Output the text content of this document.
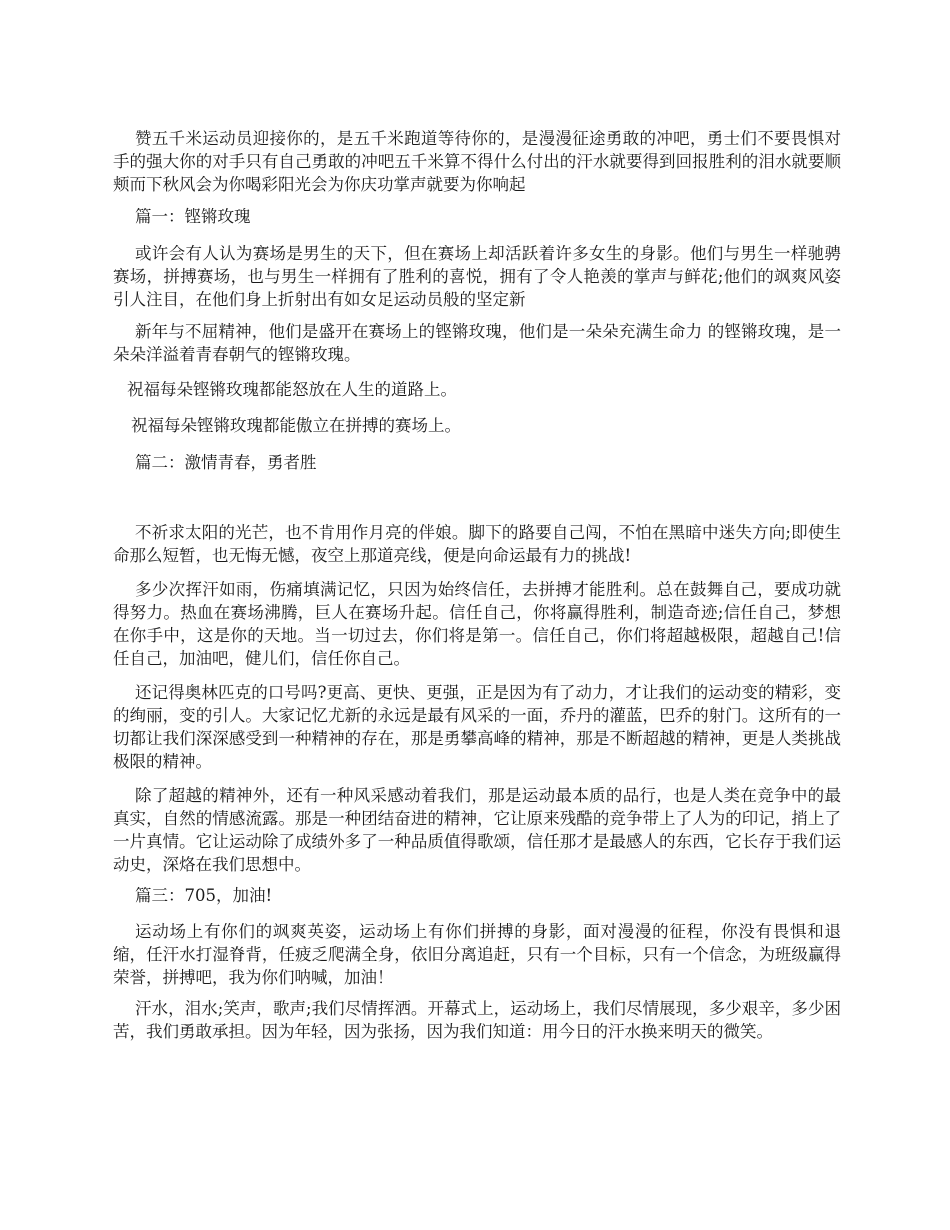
赞五千米运动员迎接你的，是五千米跑道等待你的，是漫漫征途勇敢的冲吧，勇士们不要畏惧对手的强大你的对手只有自己勇敢的冲吧五千米算不得什么付出的汗水就要得到回报胜利的泪水就要顺颊而下秋风会为你喝彩阳光会为你庆功掌声就要为你响起

篇一：铿锵玫瑰

或许会有人认为赛场是男生的天下，但在赛场上却活跃着许多女生的身影。他们与男生一样驰骋赛场，拼搏赛场，也与男生一样拥有了胜利的喜悦，拥有了令人艳羡的掌声与鲜花;他们的飒爽风姿引人注目，在他们身上折射出有如女足运动员般的坚定新

新年与不屈精神，他们是盛开在赛场上的铿锵玫瑰，他们是一朵朵充满生命力 的铿锵玫瑰，是一朵朵洋溢着青春朝气的铿锵玫瑰。

祝福每朵铿锵玫瑰都能怒放在人生的道路上。

祝福每朵铿锵玫瑰都能傲立在拼搏的赛场上。

篇二：激情青春，勇者胜

不祈求太阳的光芒，也不肯用作月亮的伴娘。脚下的路要自己闯，不怕在黑暗中迷失方向;即使生命那么短暂，也无悔无憾，夜空上那道亮线，便是向命运最有力的挑战!

多少次挥汗如雨，伤痛填满记忆，只因为始终信任，去拼搏才能胜利。总在鼓舞自己，要成功就得努力。热血在赛场沸腾，巨人在赛场升起。信任自己，你将赢得胜利，制造奇迹;信任自己，梦想在你手中，这是你的天地。当一切过去，你们将是第一。信任自己，你们将超越极限，超越自己!信任自己，加油吧，健儿们，信任你自己。

还记得奥林匹克的口号吗?更高、更快、更强，正是因为有了动力，才让我们的运动变的精彩，变的绚丽，变的引人。大家记忆尤新的永远是最有风采的一面，乔丹的灌蓝，巴乔的射门。这所有的一切都让我们深深感受到一种精神的存在，那是勇攀高峰的精神，那是不断超越的精神，更是人类挑战极限的精神。

除了超越的精神外，还有一种风采感动着我们，那是运动最本质的品行，也是人类在竞争中的最真实，自然的情感流露。那是一种团结奋进的精神，它让原来残酷的竞争带上了人为的印记，捎上了一片真情。它让运动除了成绩外多了一种品质值得歌颂，信任那才是最感人的东西，它长存于我们运动史，深烙在我们思想中。

篇三：705，加油!

运动场上有你们的飒爽英姿，运动场上有你们拼搏的身影，面对漫漫的征程，你没有畏惧和退缩，任汗水打湿脊背，任疲乏爬满全身，依旧分离追赶，只有一个目标，只有一个信念，为班级赢得荣誉，拼搏吧，我为你们呐喊，加油！

汗水，泪水;笑声，歌声;我们尽情挥洒。开幕式上，运动场上，我们尽情展现，多少艰辛，多少困苦，我们勇敢承担。因为年轻，因为张扬，因为我们知道：用今日的汗水换来明天的微笑。
